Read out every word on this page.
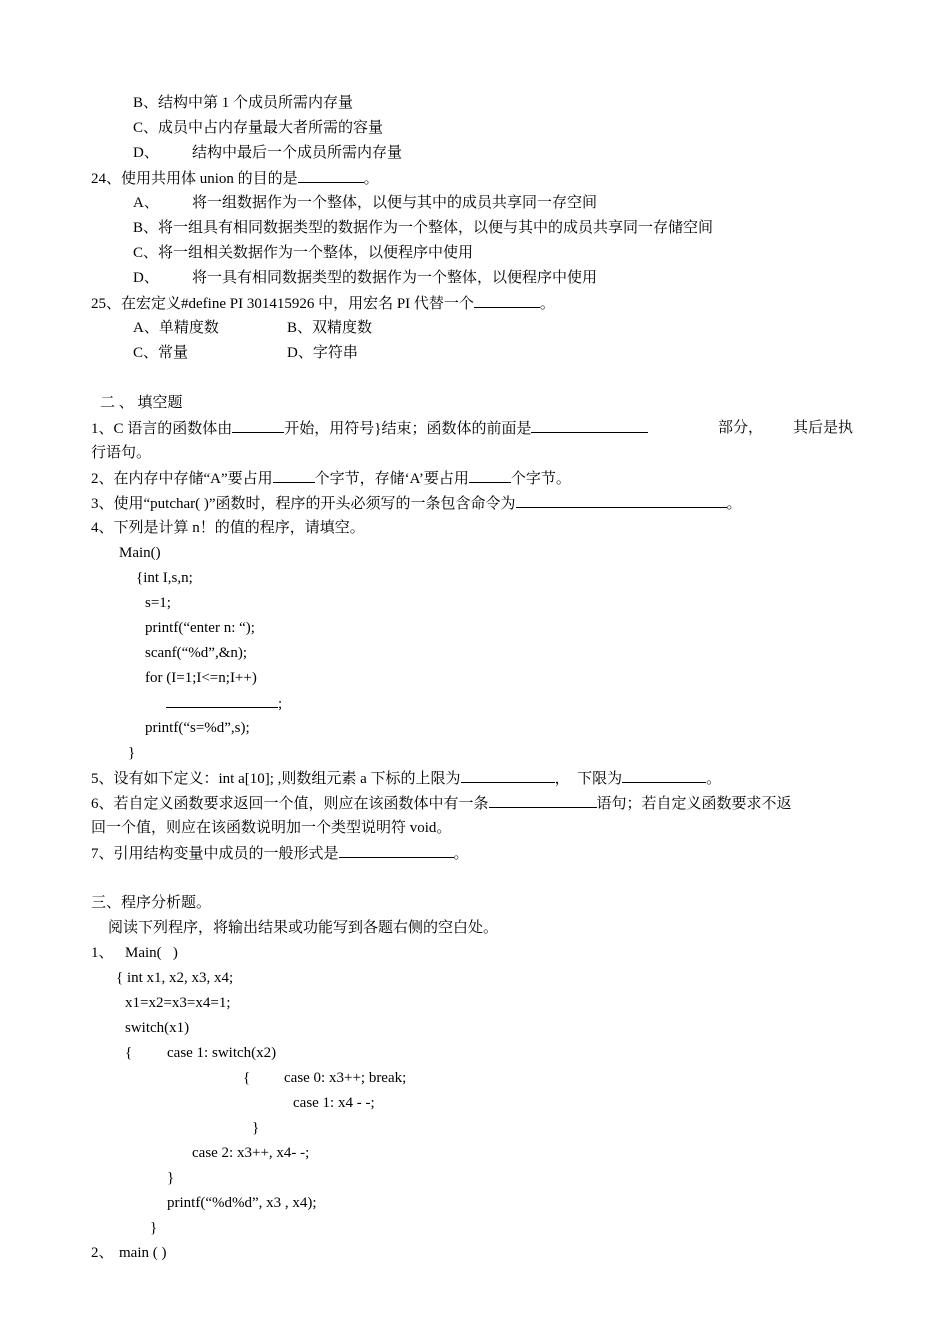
B、结构中第 1 个成员所需内存量
C、成员中占内存量最大者所需的容量
D、 结构中最后一个成员所需内存量
24、使用共用体 union 的目的是	。
A、 将一组数据作为一个整体，以便与其中的成员共享同一存空间
B、将一组具有相同数据类型的数据作为一个整体，以便与其中的成员共享同一存储空间
C、将一组相关数据作为一个整体，以便程序中使用
D、 将一具有相同数据类型的数据作为一个整体，以便程序中使用
25、在宏定义#define PI 301415926 中，用宏名 PI 代替一个	。
A、单精度数	B、双精度数
C、常量	D、字符串
二 、 填空题
1、C 语言的函数体由	开始，用符号}结束；函数体的前面是	部分， 其后是执
行语句。
2、在内存中存储“A”要占用	个字节，存储‘A’要占用	个字节。
3、使用“putchar( )”函数时，程序的开头必须写的一条包含命令为	。
4、下列是计算 n！的值的程序，请填空。
Main()
{int I,s,n;
s=1;
printf(“enter n: “);
scanf(“%d”,&n);
for (I=1;I<=n;I++)
;
printf(“s=%d”,s);
}
5、设有如下定义：int a[10]; ,则数组元素 a 下标的上限为	，  下限为	。
6、若自定义函数要求返回一个值，则应在该函数体中有一条	语句；若自定义函数要求不返
回一个值，则应在该函数说明加一个类型说明符 void。
7、引用结构变量中成员的一般形式是	。
三、程序分析题。
阅读下列程序，将输出结果或功能写到各题右侧的空白处。
1、 Main(   )
{ int x1, x2, x3, x4;
x1=x2=x3=x4=1;
switch(x1)
{ case 1: switch(x2)
{ case 0: x3++; break;
case 1: x4 - -;
}
case 2: x3++, x4- -;
}
printf(“%d%d”, x3 , x4);
}
2、 main ( )
